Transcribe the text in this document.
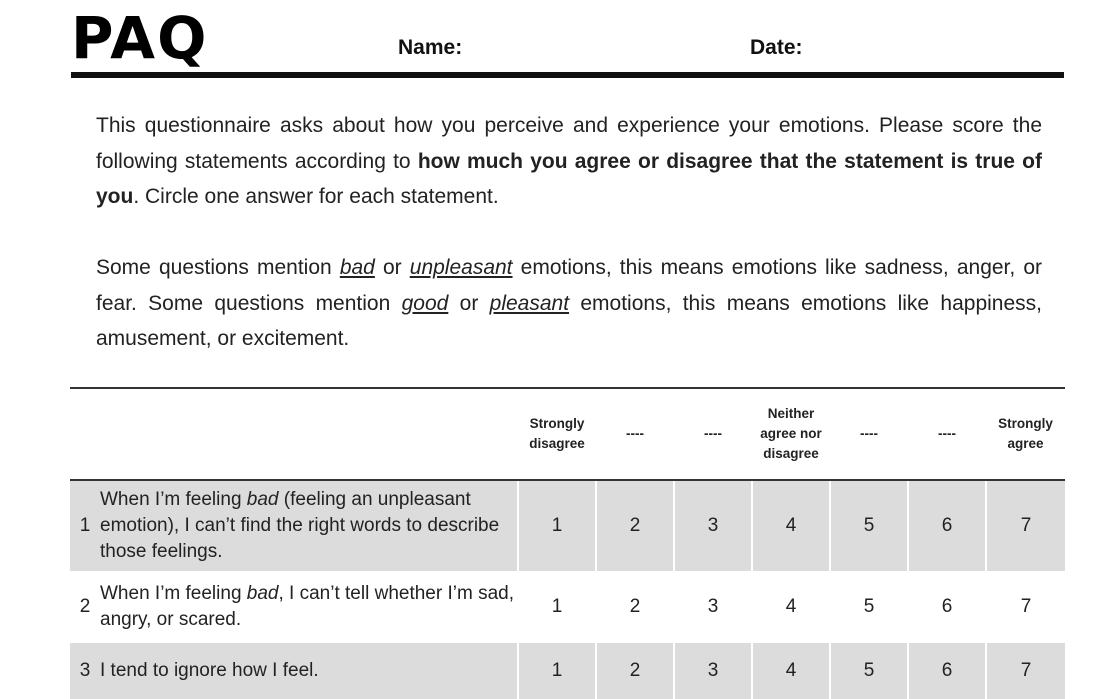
PAQ	Name:	Date:

This questionnaire asks about how you perceive and experience your emotions. Please score the following statements according to how much you agree or disagree that the statement is true of you. Circle one answer for each statement.

Some questions mention bad or unpleasant emotions, this means emotions like sadness, anger, or fear. Some questions mention good or pleasant emotions, this means emotions like happiness, amusement, or excitement.

		Strongly disagree	----	----	Neither agree nor disagree	----	----	Strongly agree
1	When I’m feeling bad (feeling an unpleasant emotion), I can’t find the right words to describe those feelings.	1	2	3	4	5	6	7
2	When I’m feeling bad, I can’t tell whether I’m sad, angry, or scared.	1	2	3	4	5	6	7
3	I tend to ignore how I feel.	1	2	3	4	5	6	7
